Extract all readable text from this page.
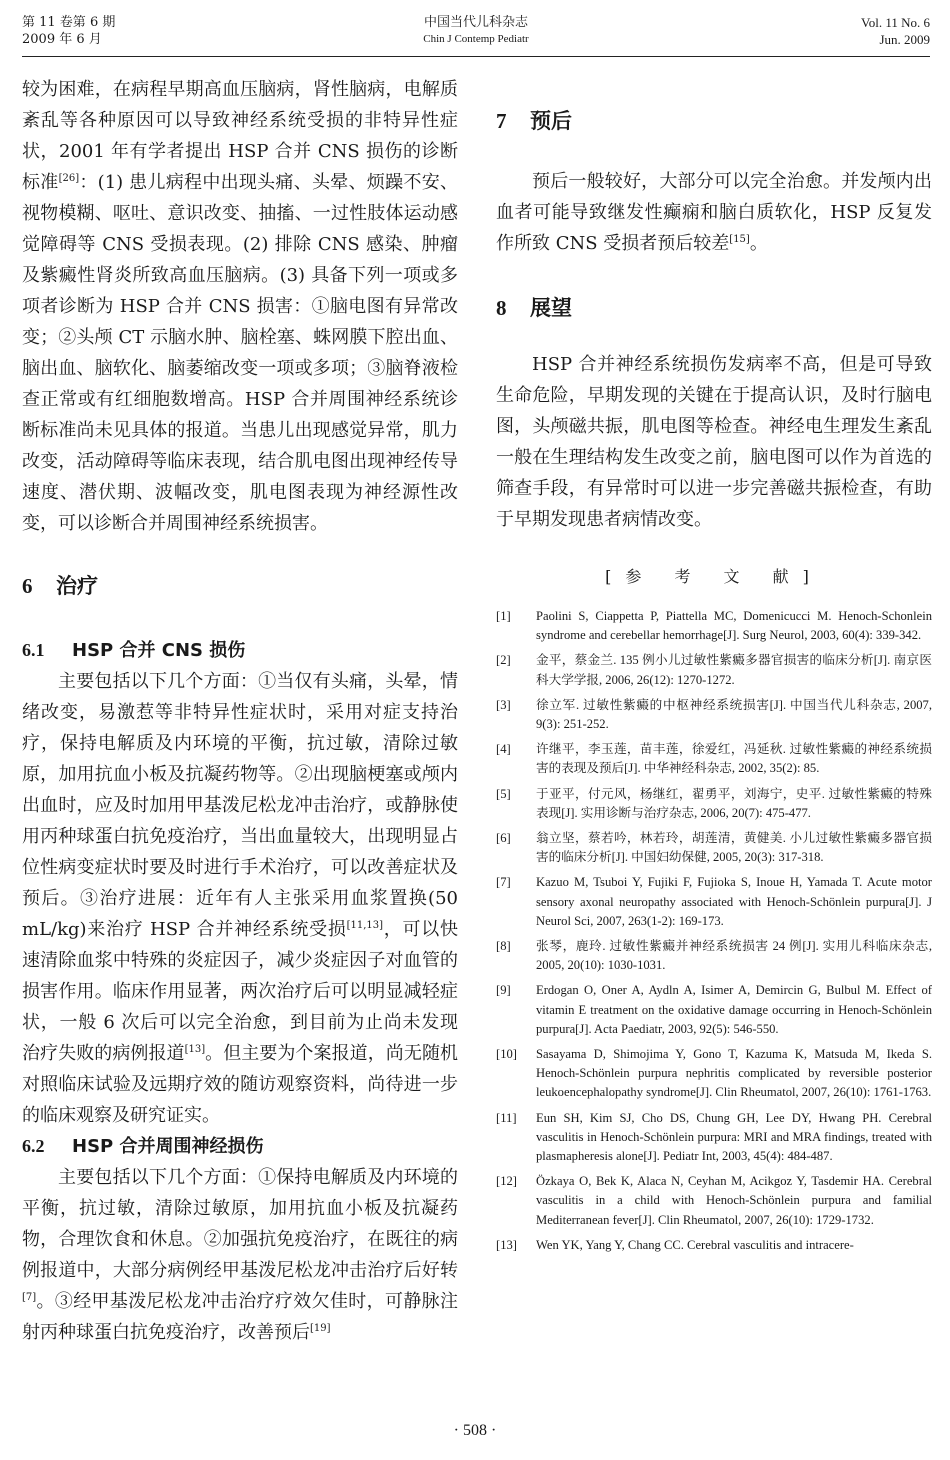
第 11 卷第 6 期
2009 年 6 月
中国当代儿科杂志
Chin J Contemp Pediatr
Vol. 11 No. 6
Jun. 2009

较为困难，在病程早期高血压脑病，肾性脑病，电解质紊乱等各种原因可以导致神经系统受损的非特异性症状，2001 年有学者提出 HSP 合并 CNS 损伤的诊断标准[26]：(1) 患儿病程中出现头痛、头晕、烦躁不安、视物模糊、呕吐、意识改变、抽搐、一过性肢体运动感觉障碍等 CNS 受损表现。(2) 排除 CNS 感染、肿瘤及紫癜性肾炎所致高血压脑病。(3) 具备下列一项或多项者诊断为 HSP 合并 CNS 损害：①脑电图有异常改变；②头颅 CT 示脑水肿、脑栓塞、蛛网膜下腔出血、脑出血、脑软化、脑萎缩改变一项或多项；③脑脊液检查正常或有红细胞数增高。HSP 合并周围神经系统诊断标准尚未见具体的报道。当患儿出现感觉异常，肌力改变，活动障碍等临床表现，结合肌电图出现神经传导速度、潜伏期、波幅改变，肌电图表现为神经源性改变，可以诊断合并周围神经系统损害。

6 治疗
6.1 HSP 合并 CNS 损伤

主要包括以下几个方面：①当仅有头痛，头晕，情绪改变，易激惹等非特异性症状时，采用对症支持治疗，保持电解质及内环境的平衡，抗过敏，清除过敏原，加用抗血小板及抗凝药物等。②出现脑梗塞或颅内出血时，应及时加用甲基泼尼松龙冲击治疗，或静脉使用丙种球蛋白抗免疫治疗，当出血量较大，出现明显占位性病变症状时要及时进行手术治疗，可以改善症状及预后。③治疗进展：近年有人主张采用血浆置换(50 mL/kg)来治疗 HSP 合并神经系统受损[11,13]，可以快速清除血浆中特殊的炎症因子，减少炎症因子对血管的损害作用。临床作用显著，两次治疗后可以明显减轻症状，一般 6 次后可以完全治愈，到目前为止尚未发现治疗失败的病例报道[13]。但主要为个案报道，尚无随机对照临床试验及远期疗效的随访观察资料，尚待进一步的临床观察及研究证实。

6.2 HSP 合并周围神经损伤

主要包括以下几个方面：①保持电解质及内环境的平衡，抗过敏，清除过敏原，加用抗血小板及抗凝药物，合理饮食和休息。②加强抗免疫治疗，在既往的病例报道中，大部分病例经甲基泼尼松龙冲击治疗后好转[7]。③经甲基泼尼松龙冲击治疗疗效欠佳时，可静脉注射丙种球蛋白抗免疫治疗，改善预后[19]

7 预后

预后一般较好，大部分可以完全治愈。并发颅内出血者可能导致继发性癫痫和脑白质软化，HSP 反复发作所致 CNS 受损者预后较差[15]。

8 展望

HSP 合并神经系统损伤发病率不高，但是可导致生命危险，早期发现的关键在于提高认识，及时行脑电图，头颅磁共振，肌电图等检查。神经电生理发生紊乱一般在生理结构发生改变之前，脑电图可以作为首选的筛查手段，有异常时可以进一步完善磁共振检查，有助于早期发现患者病情改变。

[参 考 文 献]

[1] Paolini S, Ciappetta P, Piattella MC, Domenicucci M. Henoch-Schonlein syndrome and cerebellar hemorrhage[J]. Surg Neurol, 2003, 60(4): 339-342.
[2] 金平，蔡金兰. 135 例小儿过敏性紫癜多器官损害的临床分析[J]. 南京医科大学学报, 2006, 26(12): 1270-1272.
[3] 徐立军. 过敏性紫癜的中枢神经系统损害[J]. 中国当代儿科杂志, 2007, 9(3): 251-252.
[4] 许继平，李玉莲，苗丰莲，徐爱红，冯延秋. 过敏性紫癜的神经系统损害的表现及预后[J]. 中华神经科杂志, 2002, 35(2): 85.
[5] 于亚平，付元风，杨继红，翟勇平，刘海宁，史平. 过敏性紫癜的特殊表现[J]. 实用诊断与治疗杂志, 2006, 20(7): 475-477.
[6] 翁立坚，蔡若吟，林若玲，胡莲清，黄健美. 小儿过敏性紫癜多器官损害的临床分析[J]. 中国妇幼保健, 2005, 20(3): 317-318.
[7] Kazuo M, Tsuboi Y, Fujiki F, Fujioka S, Inoue H, Yamada T. Acute motor sensory axonal neuropathy associated with Henoch-Schönlein purpura[J]. J Neurol Sci, 2007, 263(1-2): 169-173.
[8] 张琴，鹿玲. 过敏性紫癜并神经系统损害 24 例[J]. 实用儿科临床杂志, 2005, 20(10): 1030-1031.
[9] Erdogan O, Oner A, Aydln A, Isimer A, Demircin G, Bulbul M. Effect of vitamin E treatment on the oxidative damage occurring in Henoch-Schönlein purpura[J]. Acta Paediatr, 2003, 92(5): 546-550.
[10] Sasayama D, Shimojima Y, Gono T, Kazuma K, Matsuda M, Ikeda S. Henoch-Schönlein purpura nephritis complicated by reversible posterior leukoencephalopathy syndrome[J]. Clin Rheumatol, 2007, 26(10): 1761-1763.
[11] Eun SH, Kim SJ, Cho DS, Chung GH, Lee DY, Hwang PH. Cerebral vasculitis in Henoch-Schönlein purpura: MRI and MRA findings, treated with plasmapheresis alone[J]. Pediatr Int, 2003, 45(4): 484-487.
[12] Özkaya O, Bek K, Alaca N, Ceyhan M, Acikgoz Y, Tasdemir HA. Cerebral vasculitis in a child with Henoch-Schönlein purpura and familial Mediterranean fever[J]. Clin Rheumatol, 2007, 26(10): 1729-1732.
[13] Wen YK, Yang Y, Chang CC. Cerebral vasculitis and intracere-
· 508 ·
